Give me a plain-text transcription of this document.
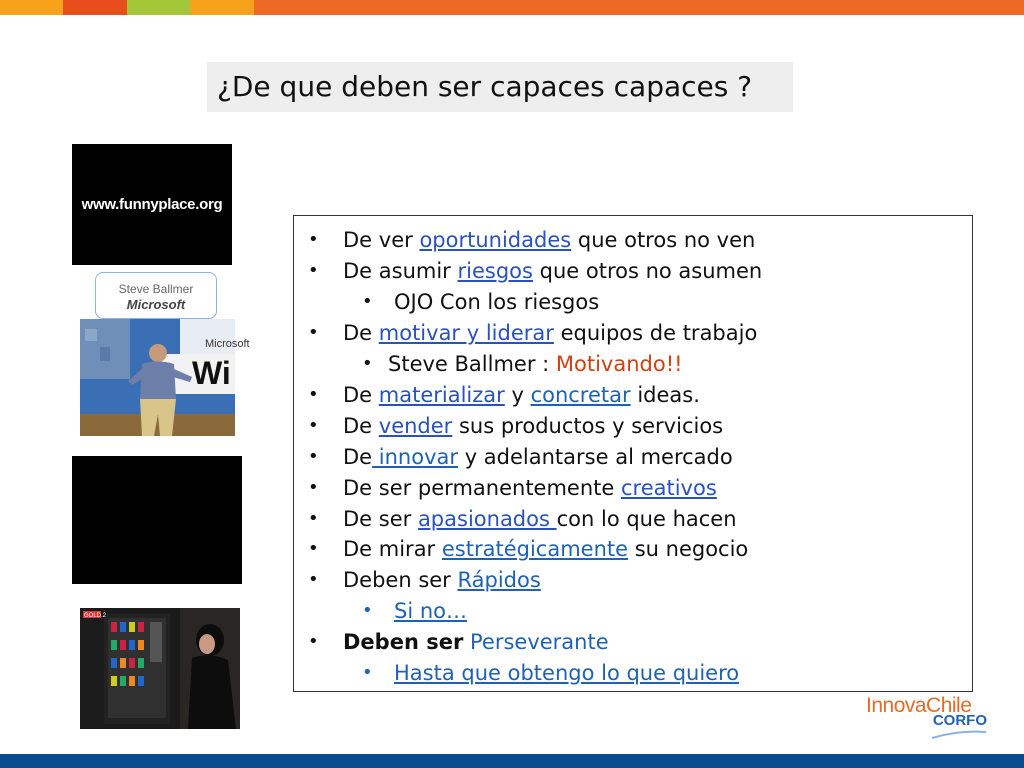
¿De que deben ser capaces capaces ?
www.funnyplace.org
Steve Ballmer
Microsoft
Microsoft
Wi
GOLD.2
• De ver oportunidades que otros no ven
• De asumir riesgos que otros no asumen
• OJO Con los riesgos
• De motivar y liderar equipos de trabajo
• Steve Ballmer : Motivando!!
• De materializar y concretar ideas.
• De vender sus productos y servicios
• De innovar y adelantarse al mercado
• De ser permanentemente creativos
• De ser apasionados con lo que hacen
• De mirar estratégicamente su negocio
• Deben ser Rápidos
• Si no…
• Deben ser Perseverante
• Hasta que obtengo lo que quiero
InnovaChile
CORFO
